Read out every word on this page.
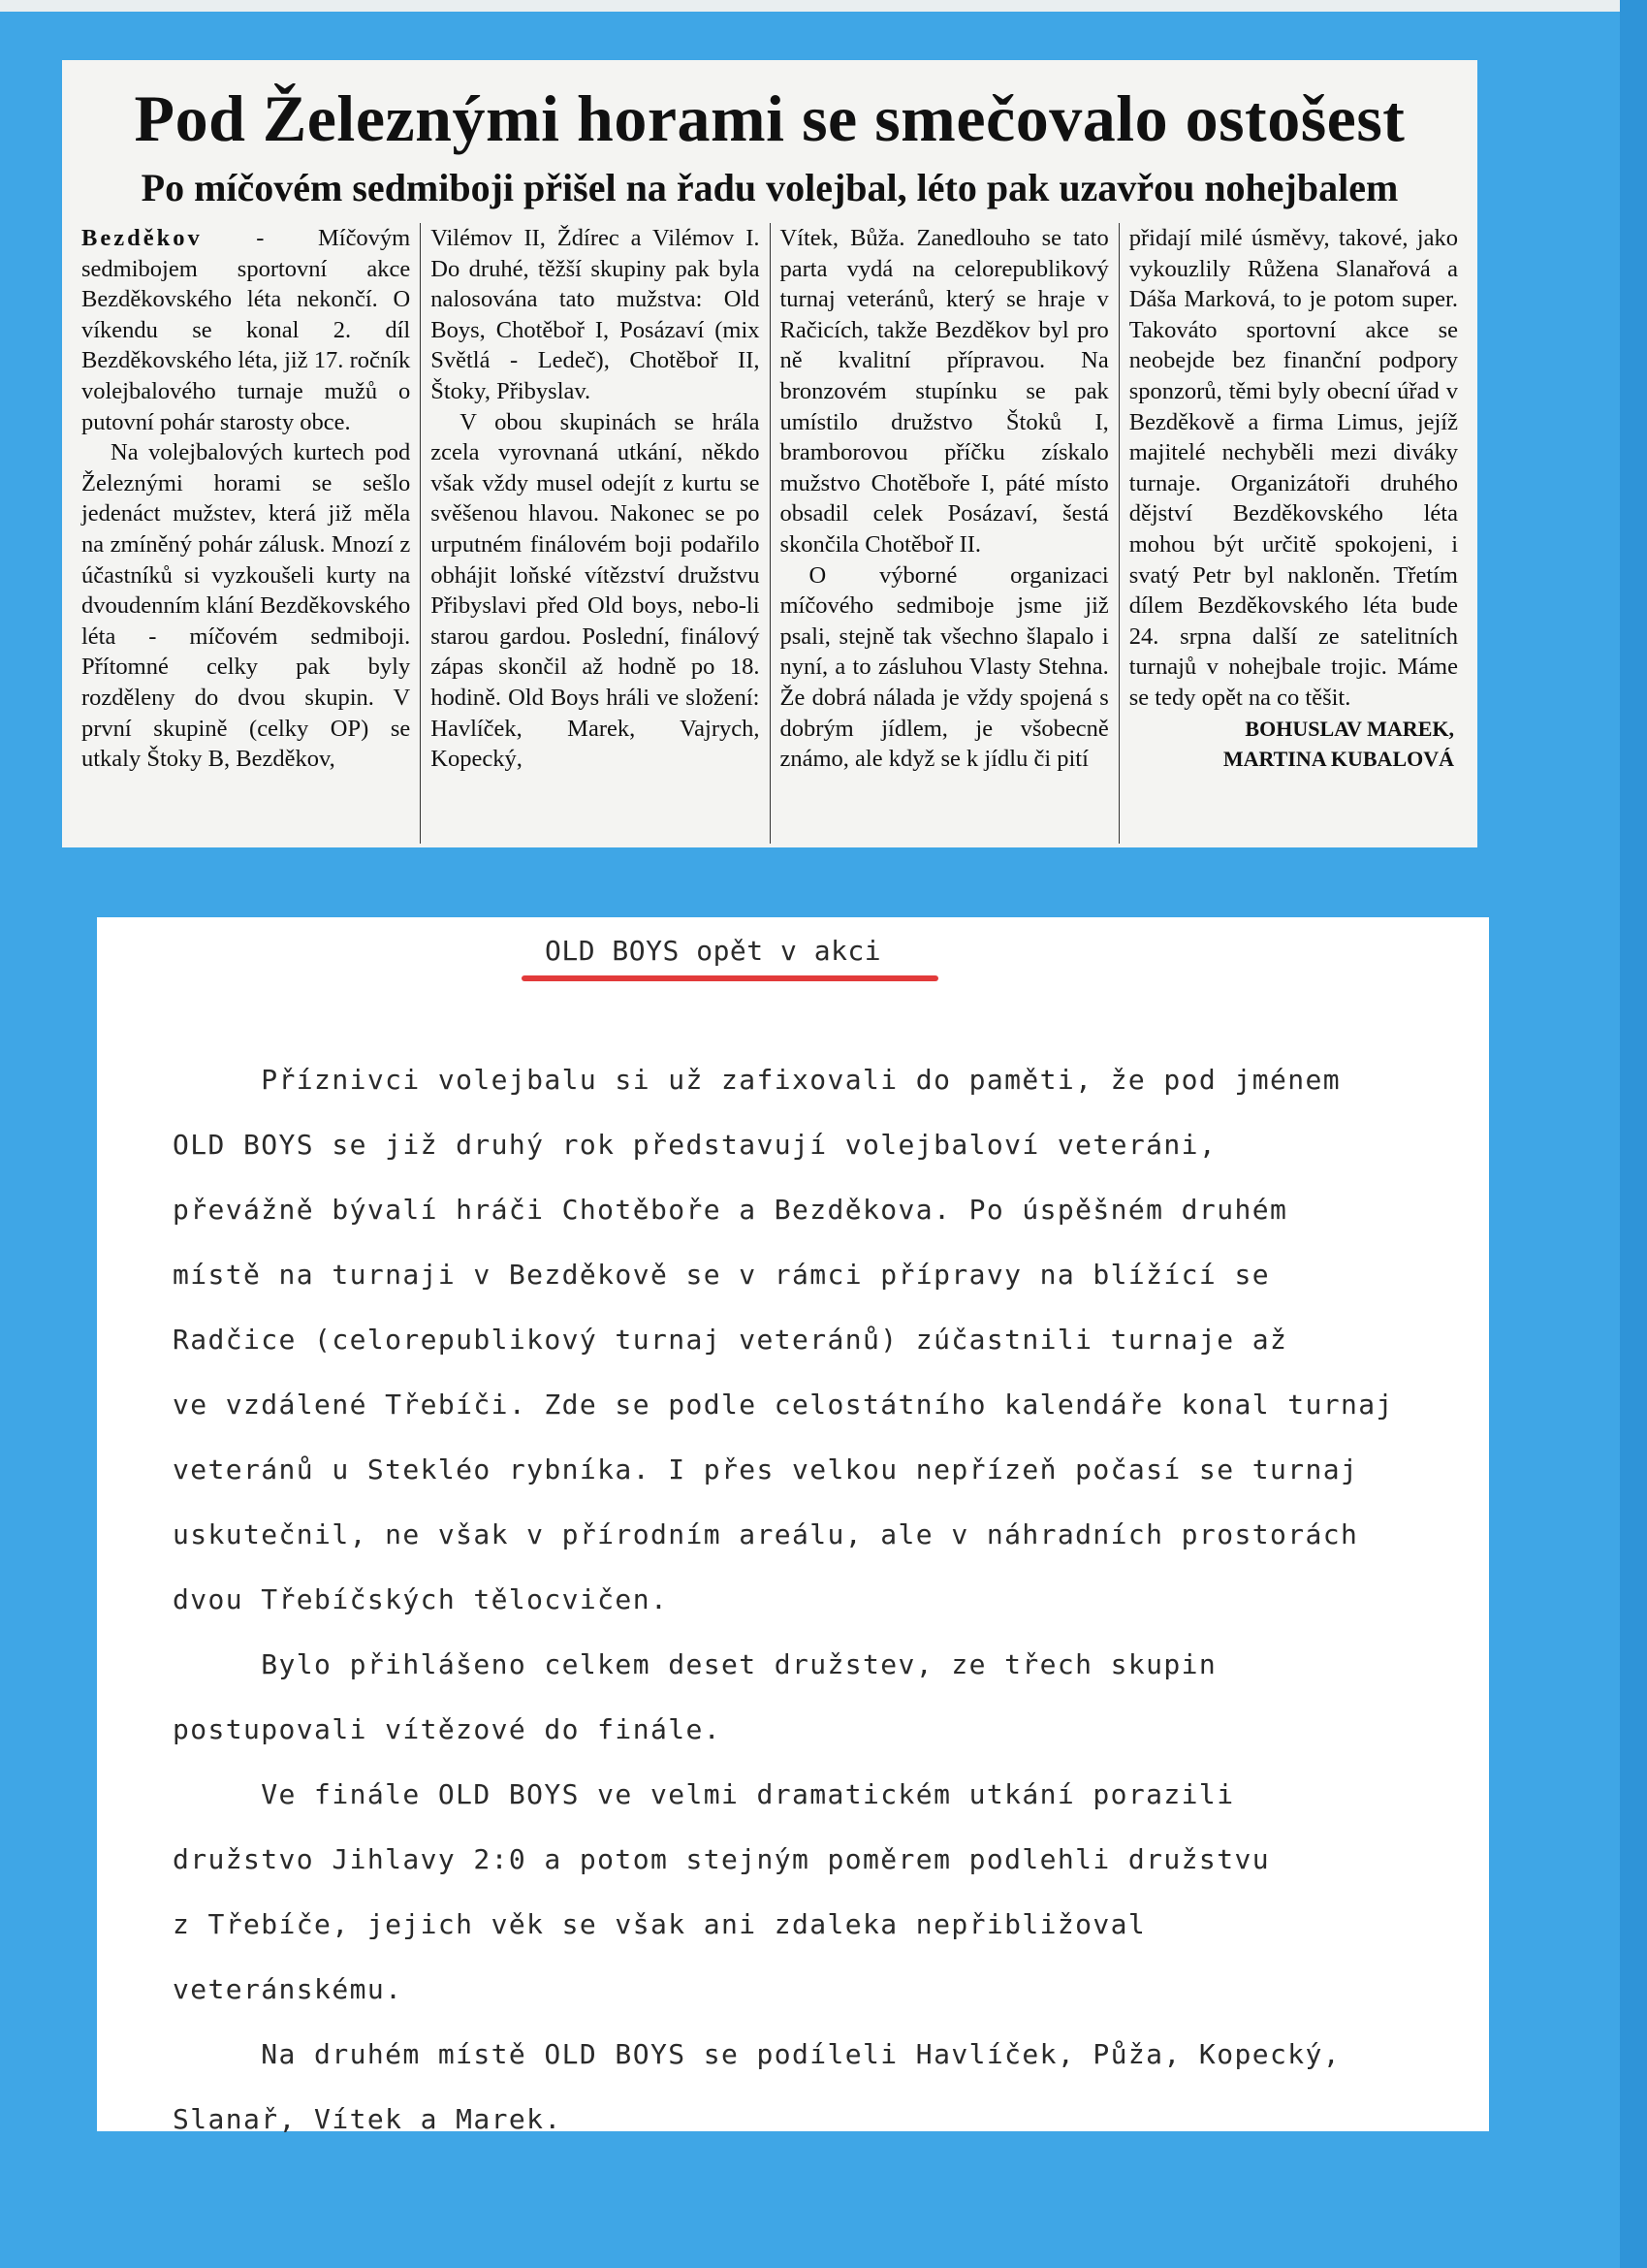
Pod Železnými horami se smečovalo ostošest
Po míčovém sedmiboji přišel na řadu volejbal, léto pak uzavřou nohejbalem

Bezděkov - Míčovým sedmibojem sportovní akce Bezděkovského léta nekončí. O víkendu se konal 2. díl Bezděkovského léta, již 17. ročník volejbalového turnaje mužů o putovní pohár starosty obce.

Na volejbalových kurtech pod Železnými horami se sešlo jedenáct mužstev, která již měla na zmíněný pohár zálusk. Mnozí z účastníků si vyzkoušeli kurty na dvoudenním klání Bezděkovského léta - míčovém sedmiboji. Přítomné celky pak byly rozděleny do dvou skupin. V první skupině (celky OP) se utkaly Štoky B, Bezděkov,

Vilémov II, Ždírec a Vilémov I. Do druhé, těžší skupiny pak byla nalosována tato mužstva: Old Boys, Chotěboř I, Posázaví (mix Světlá - Ledeč), Chotěboř II, Štoky, Přibyslav.

V obou skupinách se hrála zcela vyrovnaná utkání, někdo však vždy musel odejít z kurtu se svěšenou hlavou. Nakonec se po urputném finálovém boji podařilo obhájit loňské vítězství družstvu Přibyslavi před Old boys, nebo-li starou gardou. Poslední, finálový zápas skončil až hodně po 18. hodině. Old Boys hráli ve složení: Havlíček, Marek, Vajrych, Kopecký,

Vítek, Bůža. Zanedlouho se tato parta vydá na celorepublikový turnaj veteránů, který se hraje v Račicích, takže Bezděkov byl pro ně kvalitní přípravou. Na bronzovém stupínku se pak umístilo družstvo Štoků I, bramborovou příčku získalo mužstvo Chotěboře I, páté místo obsadil celek Posázaví, šestá skončila Chotěboř II.

O výborné organizaci míčového sedmiboje jsme již psali, stejně tak všechno šlapalo i nyní, a to zásluhou Vlasty Stehna. Že dobrá nálada je vždy spojená s dobrým jídlem, je všobecně známo, ale když se k jídlu či pití

přidají milé úsměvy, takové, jako vykouzlily Růžena Slanařová a Dáša Marková, to je potom super. Takováto sportovní akce se neobejde bez finanční podpory sponzorů, těmi byly obecní úřad v Bezděkově a firma Limus, jejíž majitelé nechyběli mezi diváky turnaje. Organizátoři druhého dějství Bezděkovského léta mohou být určitě spokojeni, i svatý Petr byl nakloněn. Třetím dílem Bezděkovského léta bude 24. srpna další ze satelitních turnajů v nohejbale trojic. Máme se tedy opět na co těšit.

BOHUSLAV MAREK,
MARTINA KUBALOVÁ
OLD BOYS opět v akci
Příznivci volejbalu si už zafixovali do paměti, že pod jménem
OLD BOYS se již druhý rok představují volejbaloví veteráni,
převážně bývalí hráči Chotěboře a Bezděkova. Po úspěšném druhém
místě na turnaji v Bezděkově se v rámci přípravy na blížící se
Radčice (celorepublikový turnaj veteránů) zúčastnili turnaje až
ve vzdálené Třebíči. Zde se podle celostátního kalendáře konal turnaj
veteránů u Stekléo rybníka. I přes velkou nepřízeň počasí se turnaj
uskutečnil, ne však v přírodním areálu, ale v náhradních prostorách
dvou Třebíčských tělocvičen.
Bylo přihlášeno celkem deset družstev, ze třech skupin
postupovali vítězové do finále.
Ve finále OLD BOYS ve velmi dramatickém utkání porazili
družstvo Jihlavy 2:0 a potom stejným poměrem podlehli družstvu
z Třebíče, jejich věk se však ani zdaleka nepřibližoval
veteránskému.
Na druhém místě OLD BOYS se podíleli Havlíček, Půža, Kopecký,
Slanař, Vítek a Marek.
